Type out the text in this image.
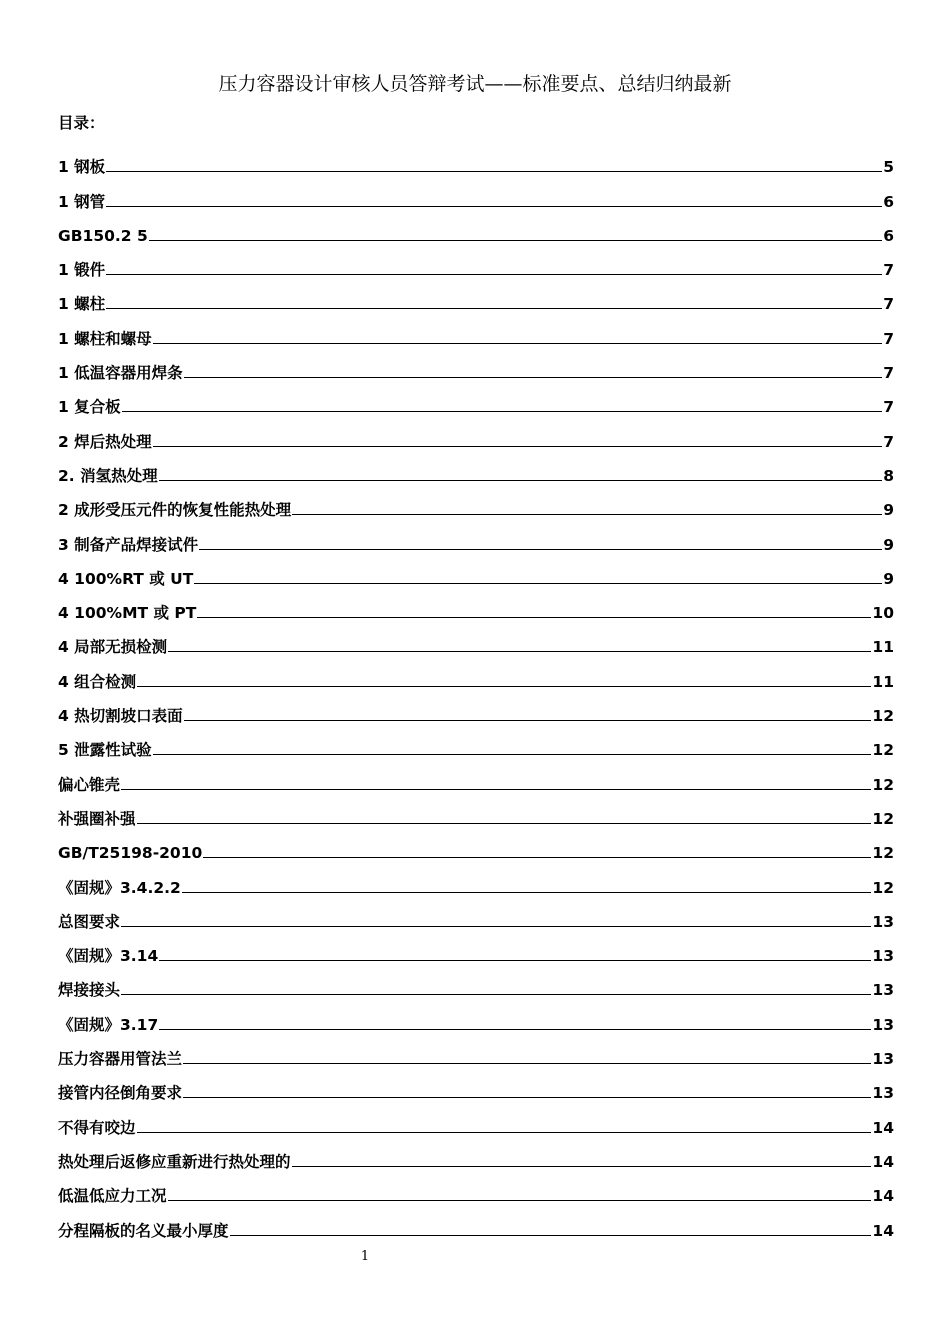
压力容器设计审核人员答辩考试——标准要点、总结归纳最新
目录：
1 钢板	5
1 钢管	6
GB150.2 5	6
1 锻件	7
1 螺柱	7
1 螺柱和螺母	7
1 低温容器用焊条	7
1 复合板	7
2 焊后热处理	7
2. 消氢热处理	8
2 成形受压元件的恢复性能热处理	9
3 制备产品焊接试件	9
4 100%RT 或 UT	9
4 100%MT 或 PT	10
4 局部无损检测	11
4 组合检测	11
4 热切割坡口表面	12
5 泄露性试验	12
偏心锥壳	12
补强圈补强	12
GB/T25198-2010	12
《固规》3.4.2.2	12
总图要求	13
《固规》3.14	13
焊接接头	13
《固规》3.17	13
压力容器用管法兰	13
接管内径倒角要求	13
不得有咬边	14
热处理后返修应重新进行热处理的	14
低温低应力工况	14
分程隔板的名义最小厚度	14
1
